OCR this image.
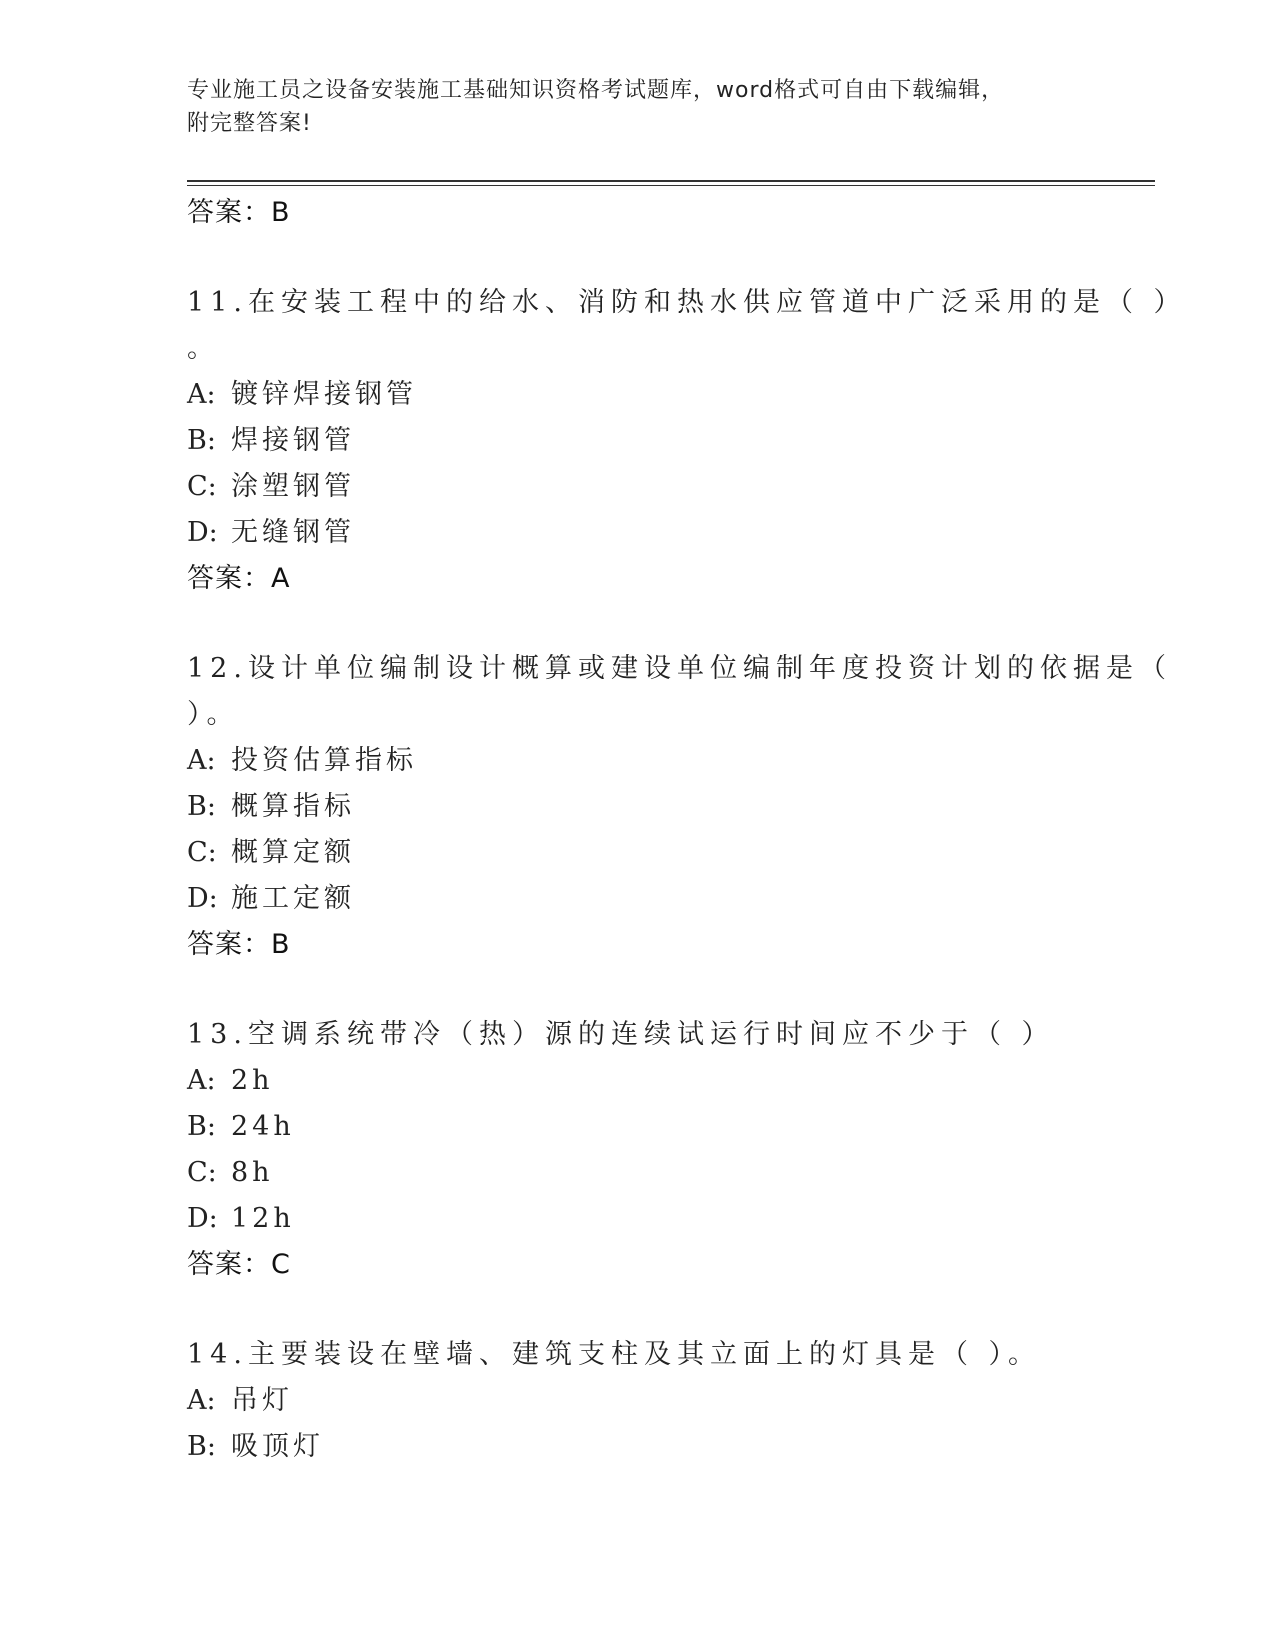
专业施工员之设备安装施工基础知识资格考试题库，word格式可自由下载编辑，
附完整答案!
答案：B
11.在安装工程中的给水、消防和热水供应管道中广泛采用的是（ ）
。
A: 镀锌焊接钢管
B: 焊接钢管
C: 涂塑钢管
D: 无缝钢管
答案：A
12.设计单位编制设计概算或建设单位编制年度投资计划的依据是（
）。
A: 投资估算指标
B: 概算指标
C: 概算定额
D: 施工定额
答案：B
13.空调系统带冷（热）源的连续试运行时间应不少于（ ）
A: 2h
B: 24h
C: 8h
D: 12h
答案：C
14.主要装设在壁墙、建筑支柱及其立面上的灯具是（ ）。
A: 吊灯
B: 吸顶灯
